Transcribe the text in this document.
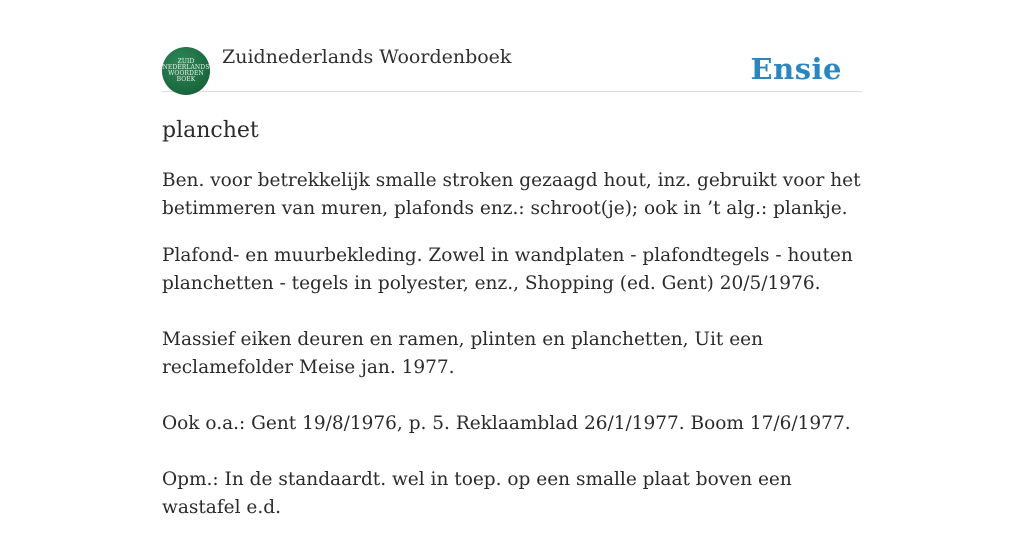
ZUID
NEDERLANDS
WOORDEN
BOEK
Zuidnederlands Woordenboek	Ensie
planchet

Ben. voor betrekkelijk smalle stroken gezaagd hout, inz. gebruikt voor het betimmeren van muren, plafonds enz.: schroot(je); ook in ’t alg.: plankje.

Plafond- en muurbekleding. Zowel in wandplaten - plafondtegels - houten planchetten - tegels in polyester, enz., Shopping (ed. Gent) 20/5/1976.

Massief eiken deuren en ramen, plinten en planchetten, Uit een reclamefolder Meise jan. 1977.

Ook o.a.: Gent 19/8/1976, p. 5. Reklaamblad 26/1/1977. Boom 17/6/1977.

Opm.: In de standaardt. wel in toep. op een smalle plaat boven een wastafel e.d.
